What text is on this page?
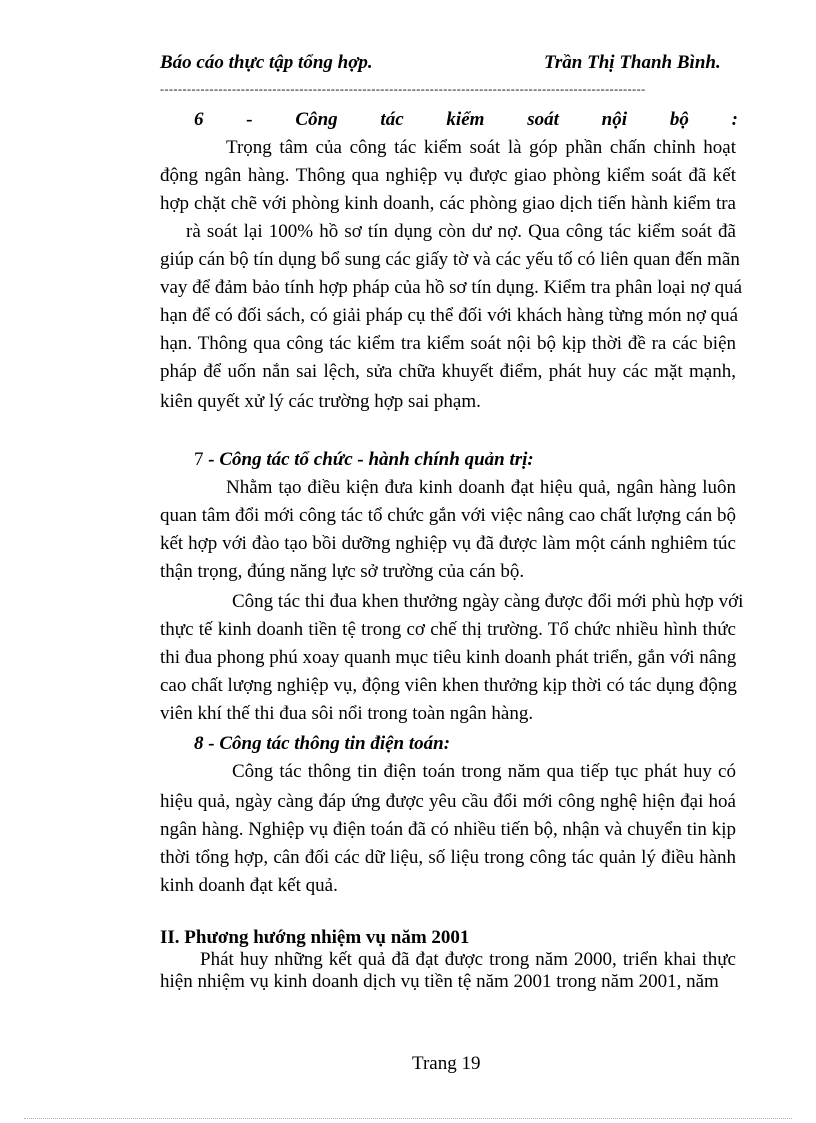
Báo cáo thực tập tổng hợp.	Trần Thị Thanh Bình.
------------------------------------------------------------------------------------------------------------
6 - Công tác kiểm soát nội bộ :
Trọng tâm của công tác kiểm soát là góp phần chấn chỉnh hoạt
động ngân hàng. Thông qua nghiệp vụ được giao phòng kiểm soát đã kết
hợp chặt chẽ với phòng kinh doanh, các phòng giao dịch tiến hành kiểm tra
rà soát lại 100% hồ sơ tín dụng còn dư nợ. Qua công tác kiểm soát đã
giúp cán bộ tín dụng bổ sung các giấy tờ và các yếu tố có liên quan đến mãn
vay để đảm bảo tính hợp pháp của hồ sơ tín dụng. Kiểm tra phân loại nợ quá
hạn để có đối sách, có giải pháp cụ thể đối với khách hàng từng món nợ quá
hạn. Thông qua công tác kiểm tra kiểm soát nội bộ kịp thời đề ra các biện
pháp để uốn nắn sai lệch, sửa chữa khuyết điểm, phát huy các mặt mạnh,
kiên quyết xử lý các trường hợp sai phạm.
7 - Công tác tổ chức - hành chính quản trị:
Nhằm tạo điều kiện đưa kinh doanh đạt hiệu quả, ngân hàng luôn
quan tâm đổi mới công tác tổ chức gắn với việc nâng cao chất lượng cán bộ
kết hợp với đào tạo bồi dưỡng nghiệp vụ đã được làm một cánh nghiêm túc
thận trọng, đúng năng lực sở trường của cán bộ.
Công tác thi đua khen thưởng ngày càng được đổi mới phù hợp với
thực tế kinh doanh tiền tệ trong cơ chế thị trường. Tổ chức nhiều hình thức
thi đua phong phú xoay quanh mục tiêu kinh doanh phát triển, gắn với nâng
cao chất lượng nghiệp vụ, động viên khen thưởng kịp thời có tác dụng động
viên khí thế thi đua sôi nổi trong toàn ngân hàng.
8 - Công tác thông tin điện toán:
Công tác thông tin điện toán trong năm qua tiếp tục phát huy có
hiệu quả, ngày càng đáp ứng được yêu cầu đổi mới công nghệ hiện đại hoá
ngân hàng. Nghiệp vụ điện toán đã có nhiều tiến bộ, nhận và chuyển tin kịp
thời tổng hợp, cân đối các dữ liệu, số liệu trong công tác quản lý điều hành
kinh doanh đạt kết quả.
II. Phương hướng nhiệm vụ năm 2001
Phát huy những kết quả đã đạt được trong năm 2000, triển khai thực
hiện nhiệm vụ kinh doanh dịch vụ tiền tệ năm 2001 trong năm 2001, năm
Trang 19
